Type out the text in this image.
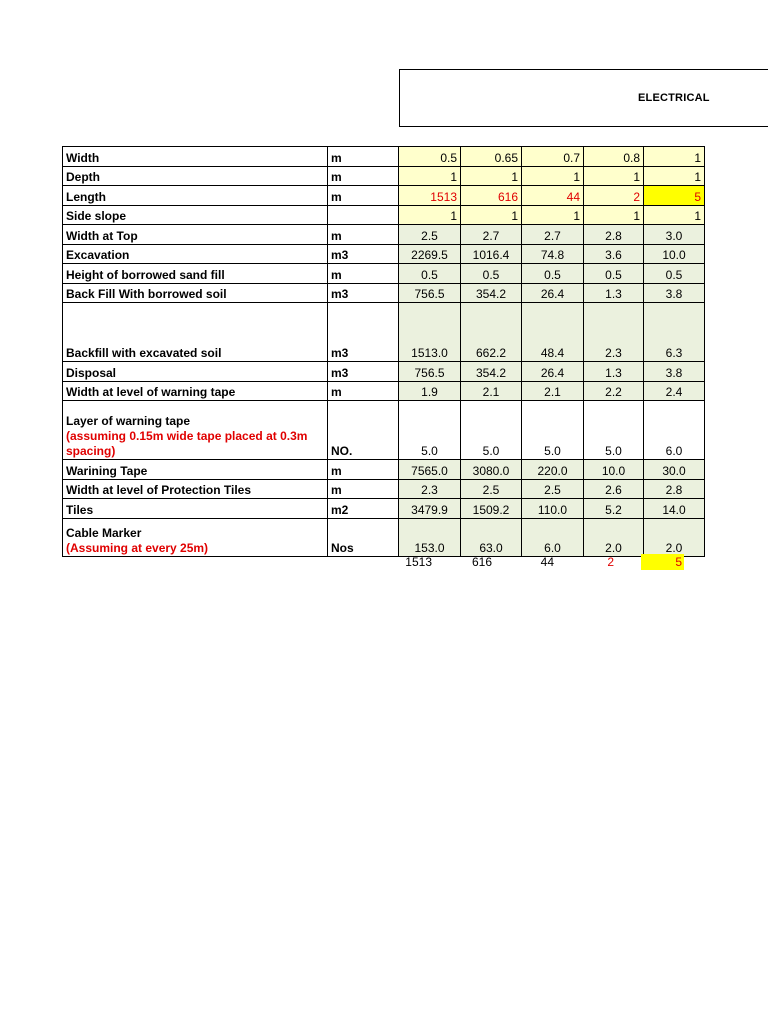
ELECTRICAL
Width	m	0.5	0.65	0.7	0.8	1
Depth	m	1	1	1	1	1
Length	m	1513	616	44	2	5
Side slope		1	1	1	1	1
Width at Top	m	2.5	2.7	2.7	2.8	3.0
Excavation	m3	2269.5	1016.4	74.8	3.6	10.0
Height of borrowed sand fill	m	0.5	0.5	0.5	0.5	0.5
Back Fill With borrowed soil	m3	756.5	354.2	26.4	1.3	3.8
Backfill with excavated soil	m3	1513.0	662.2	48.4	2.3	6.3
Disposal	m3	756.5	354.2	26.4	1.3	3.8
Width at level of warning tape	m	1.9	2.1	2.1	2.2	2.4

Layer of warning tape
(assuming 0.15m wide tape placed at 0.3m spacing)	NO.	5.0	5.0	5.0	5.0	6.0
Warining Tape	m	7565.0	3080.0	220.0	10.0	30.0
Width at level of Protection Tiles	m	2.3	2.5	2.5	2.6	2.8
Tiles	m2	3479.9	1509.2	110.0	5.2	14.0

Cable Marker
(Assuming at every 25m)	Nos	153.0	63.0	6.0	2.0	2.0
1513	616	44	2	5
